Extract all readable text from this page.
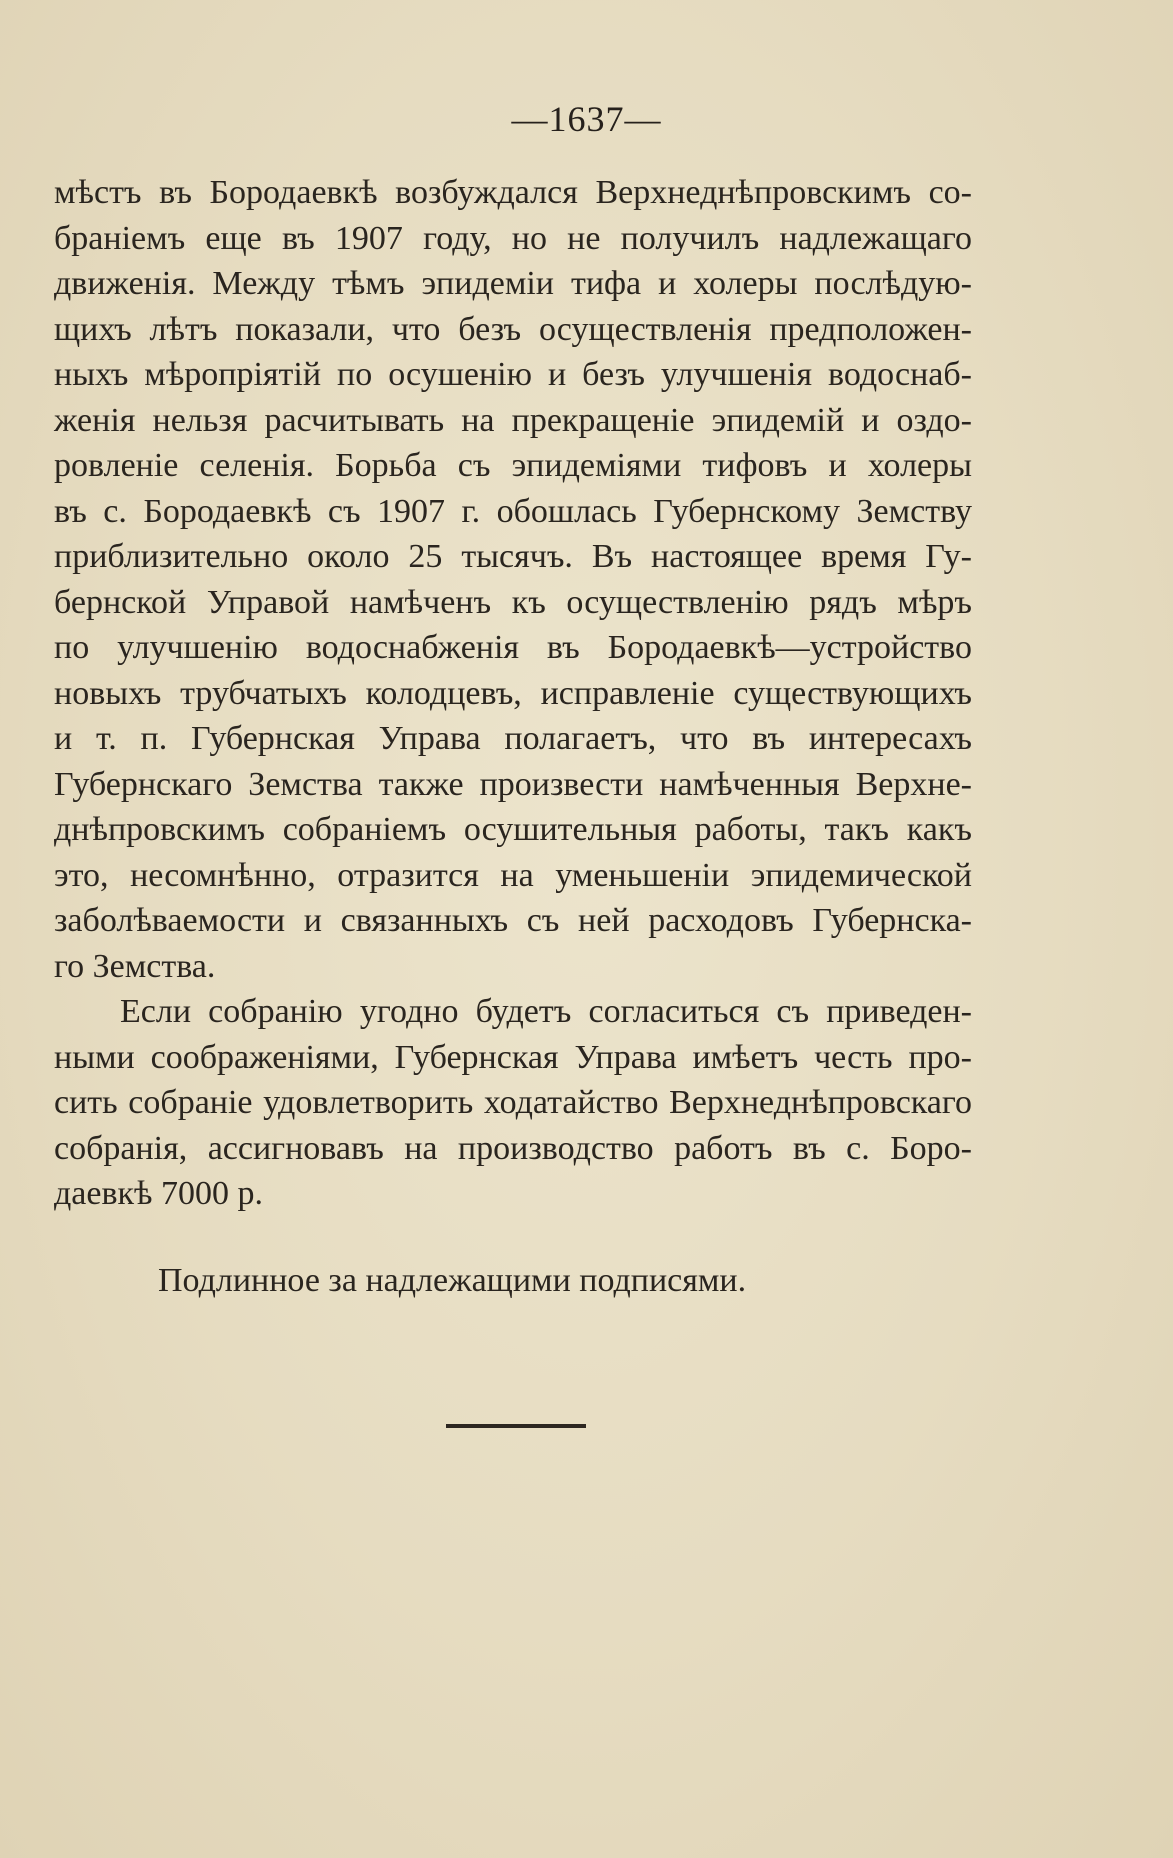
—1637—
мѣстъ въ Бородаевкѣ возбуждался Верхнеднѣпровскимъ со-
браніемъ еще въ 1907 году, но не получилъ надлежащаго
движенія. Между тѣмъ эпидеміи тифа и холеры послѣдую-
щихъ лѣтъ показали, что безъ осуществленія предположен-
ныхъ мѣропріятій по осушенію и безъ улучшенія водоснаб-
женія нельзя расчитывать на прекращеніе эпидемій и оздо-
ровленіе селенія. Борьба съ эпидеміями тифовъ и холеры
въ с. Бородаевкѣ съ 1907 г. обошлась Губернскому Земству
приблизительно около 25 тысячъ. Въ настоящее время Гу-
бернской Управой намѣченъ къ осуществленію рядъ мѣръ
по улучшенію водоснабженія въ Бородаевкѣ—устройство
новыхъ трубчатыхъ колодцевъ, исправленіе существующихъ
и т. п. Губернская Управа полагаетъ, что въ интересахъ
Губернскаго Земства также произвести намѣченныя Верхне-
днѣпровскимъ собраніемъ осушительныя работы, такъ какъ
это, несомнѣнно, отразится на уменьшеніи эпидемической
заболѣваемости и связанныхъ съ ней расходовъ Губернска-
го Земства.
Если собранію угодно будетъ согласиться съ приведен-
ными соображеніями, Губернская Управа имѣетъ честь про-
сить собраніе удовлетворить ходатайство Верхнеднѣпровскаго
собранія, ассигновавъ на производство работъ въ с. Боро-
даевкѣ 7000 р.
Подлинное за надлежащими подписями.
